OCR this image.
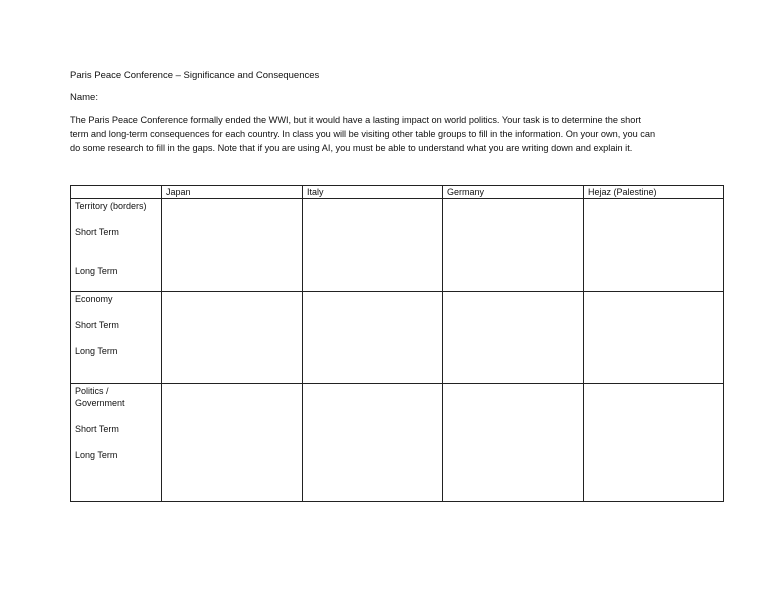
Paris Peace Conference – Significance and Consequences
Name:
The Paris Peace Conference formally ended the WWI, but it would have a lasting impact on world politics. Your task is to determine the short
term and long-term consequences for each country. In class you will be visiting other table groups to fill in the information. On your own, you can
do some research to fill in the gaps. Note that if you are using AI, you must be able to understand what you are writing down and explain it.
	Japan	Italy	Germany	Hejaz (Palestine)

Territory (borders)
Short Term
Long Term				

Economy
Short Term
Long Term				

Politics /
Government
Short Term
Long Term				
